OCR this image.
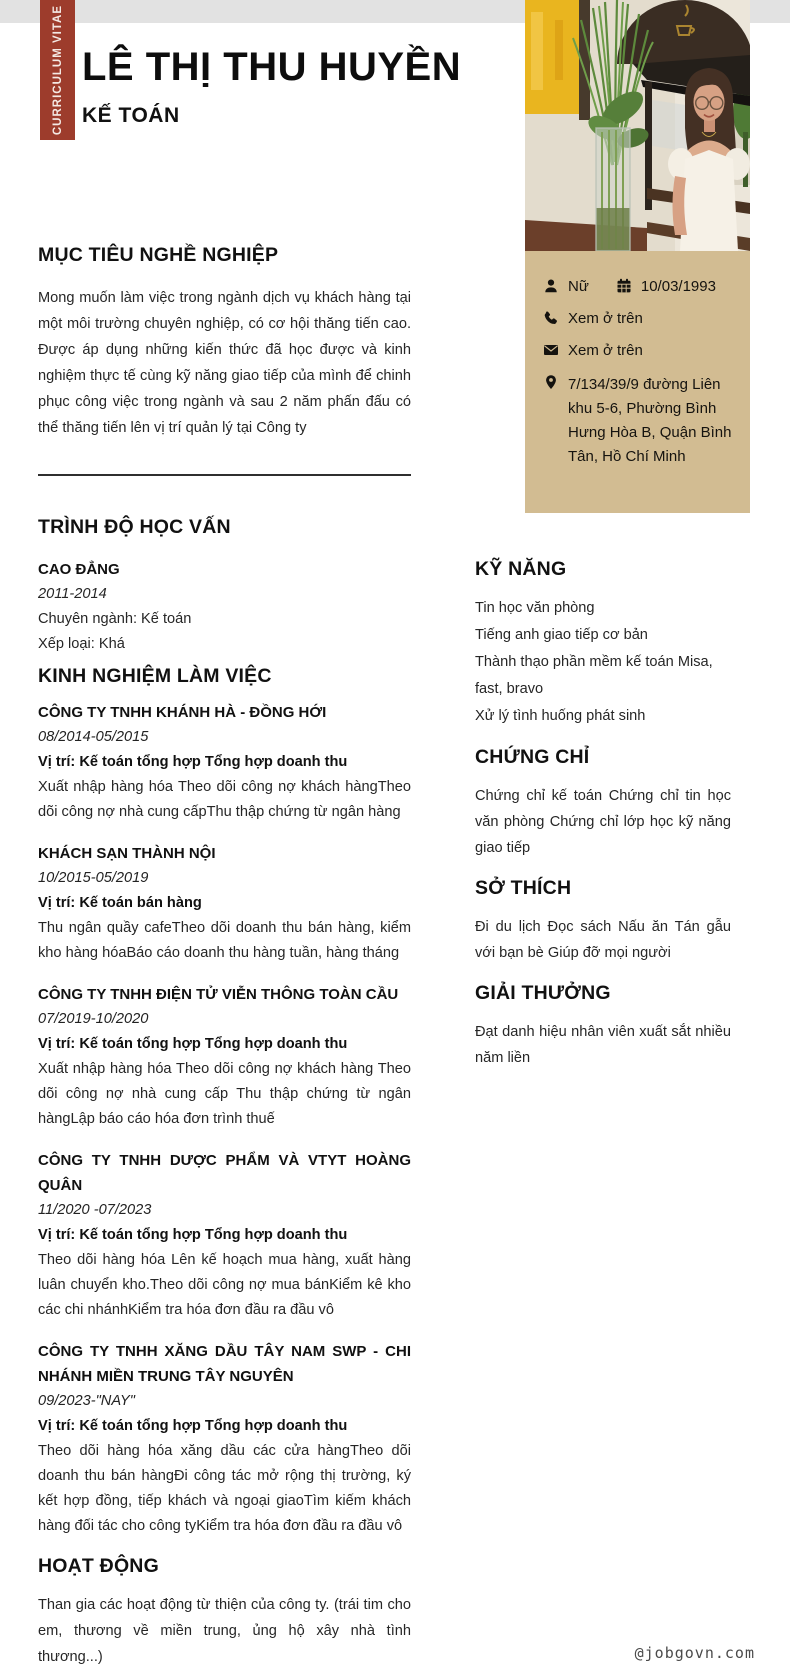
CURRICULUM VITAE LÊ THỊ THU HUYỀN
KẾ TOÁN
Nữ	10/03/1993
Xem ở trên
Xem ở trên
7/134/39/9 đường Liên khu 5-6, Phường Bình Hưng Hòa B, Quận Bình Tân, Hồ Chí Minh
MỤC TIÊU NGHỀ NGHIỆP

Mong muốn làm việc trong ngành dịch vụ khách hàng tại một môi trường chuyên nghiệp, có cơ hội thăng tiến cao. Được áp dụng những kiến thức đã học được và kinh nghiệm thực tế cùng kỹ năng giao tiếp của mình để chinh phục công việc trong ngành và sau 2 năm phấn đấu có thể thăng tiến lên vị trí quản lý tại Công ty

TRÌNH ĐỘ HỌC VẤN
CAO ĐẲNG
2011-2014
Chuyên ngành: Kế toán
Xếp loại: Khá
KINH NGHIỆM LÀM VIỆC
CÔNG TY TNHH KHÁNH HÀ - ĐỒNG HỚI
08/2014-05/2015
Vị trí: Kế toán tổng hợp Tổng hợp doanh thu
Xuất nhập hàng hóa Theo dõi công nợ khách hàngTheo dõi công nợ nhà cung cấpThu thập chứng từ ngân hàng
KHÁCH SẠN THÀNH NỘI
10/2015-05/2019
Vị trí: Kế toán bán hàng
Thu ngân quầy cafeTheo dõi doanh thu bán hàng, kiểm kho hàng hóaBáo cáo doanh thu hàng tuần, hàng tháng
CÔNG TY TNHH ĐIỆN TỬ VIỄN THÔNG TOÀN CẦU
07/2019-10/2020
Vị trí: Kế toán tổng hợp Tổng hợp doanh thu
Xuất nhập hàng hóa Theo dõi công nợ khách hàng Theo dõi công nợ nhà cung cấp Thu thập chứng từ ngân hàngLập báo cáo hóa đơn trình thuế
CÔNG TY TNHH DƯỢC PHẨM VÀ VTYT HOÀNG QUÂN
11/2020 -07/2023
Vị trí: Kế toán tổng hợp Tổng hợp doanh thu
Theo dõi hàng hóa Lên kế hoạch mua hàng, xuất hàng luân chuyển kho.Theo dõi công nợ mua bánKiểm kê kho các chi nhánhKiểm tra hóa đơn đầu ra đầu vô
CÔNG TY TNHH XĂNG DẦU TÂY NAM SWP - CHI NHÁNH MIỀN TRUNG TÂY NGUYÊN
09/2023-"NAY"
Vị trí: Kế toán tổng hợp Tổng hợp doanh thu
Theo dõi hàng hóa xăng dầu các cửa hàngTheo dõi doanh thu bán hàngĐi công tác mở rộng thị trường, ký kết hợp đồng, tiếp khách và ngoại giaoTìm kiếm khách hàng đối tác cho công tyKiểm tra hóa đơn đầu ra đầu vô
HOẠT ĐỘNG

Than gia các hoạt động từ thiện của công ty. (trái tim cho em, thương về miền trung, ủng hộ xây nhà tình thương...)

KỸ NĂNG
Tin học văn phòng
Tiếng anh giao tiếp cơ bản
Thành thạo phần mềm kế toán Misa, fast, bravo
Xử lý tình huống phát sinh
CHỨNG CHỈ

Chứng chỉ kế toán Chứng chỉ tin học văn phòng Chứng chỉ lớp học kỹ năng giao tiếp

SỞ THÍCH

Đi du lịch Đọc sách Nấu ăn Tán gẫu với bạn bè Giúp đỡ mọi người

GIẢI THƯỞNG

Đạt danh hiệu nhân viên xuất sắt nhiều năm liền

@jobgovn.com
